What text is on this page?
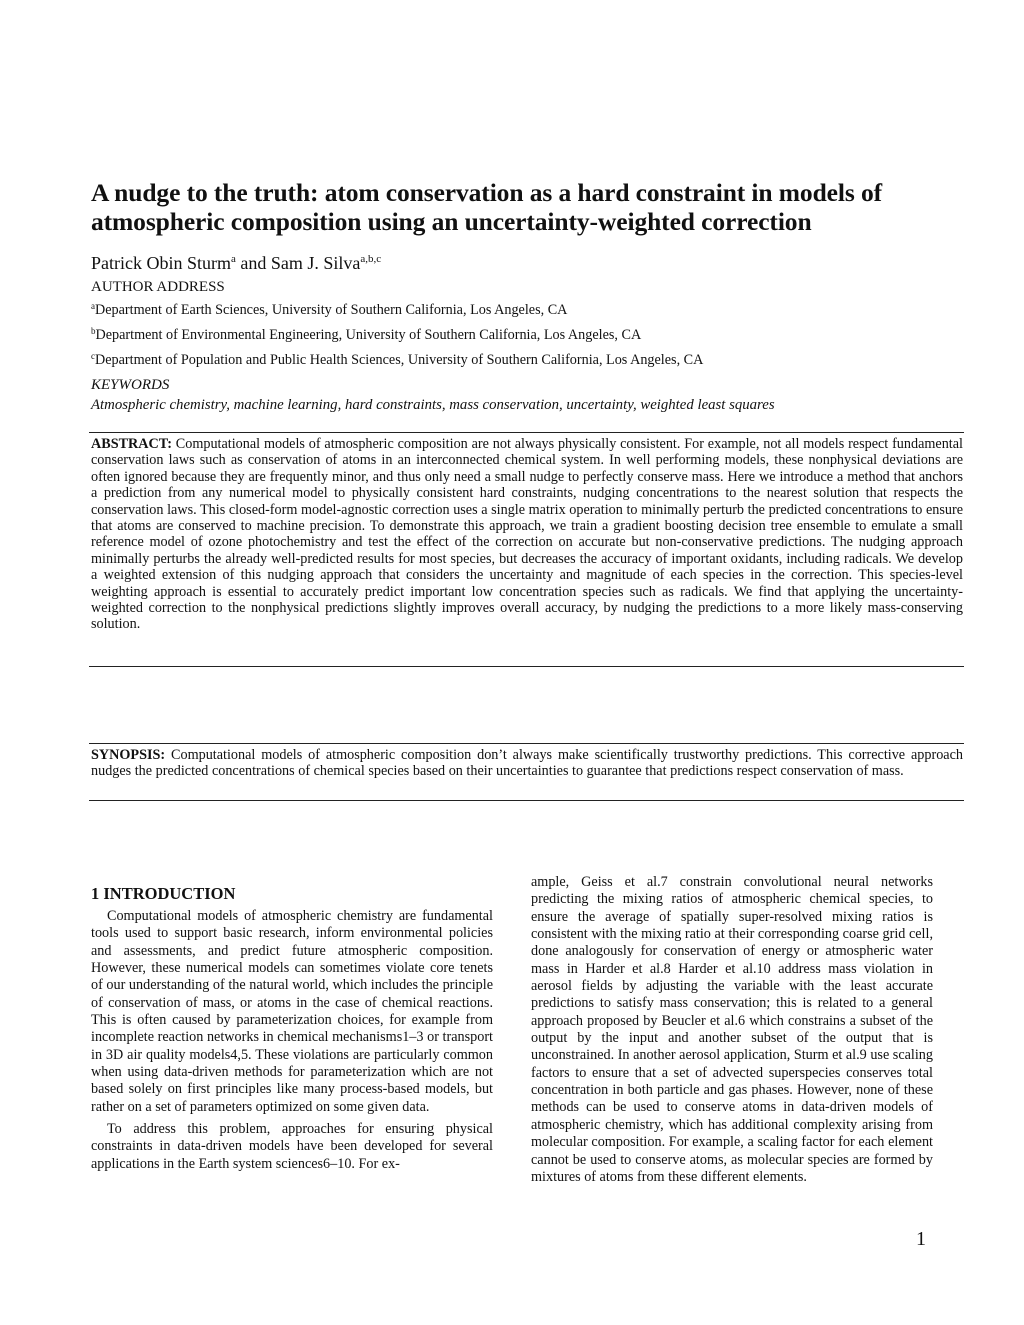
A nudge to the truth: atom conservation as a hard constraint in models of atmospheric composition using an uncertainty-weighted correction

Patrick Obin Sturm$^a$ and Sam J. Silva$^{a,b,c}$

AUTHOR ADDRESS

$^a$Department of Earth Sciences, University of Southern California, Los Angeles, CA

$^b$Department of Environmental Engineering, University of Southern California, Los Angeles, CA

$^c$Department of Population and Public Health Sciences, University of Southern California, Los Angeles, CA

KEYWORDS

Atmospheric chemistry, machine learning, hard constraints, mass conservation, uncertainty, weighted least squares

ABSTRACT: Computational models of atmospheric composition are not always physically consistent. For example, not all models respect fundamental conservation laws such as conservation of atoms in an interconnected chemical system. In well performing models, these nonphysical deviations are often ignored because they are frequently minor, and thus only need a small nudge to perfectly conserve mass. Here we introduce a method that anchors a prediction from any numerical model to physically consistent hard constraints, nudging concentrations to the nearest solution that respects the conservation laws. This closed-form model-agnostic correction uses a single matrix operation to minimally perturb the predicted concentrations to ensure that atoms are conserved to machine precision. To demonstrate this approach, we train a gradient boosting decision tree ensemble to emulate a small reference model of ozone photochemistry and test the effect of the correction on accurate but non-conservative predictions. The nudging approach minimally perturbs the already well-predicted results for most species, but decreases the accuracy of important oxidants, including radicals. We develop a weighted extension of this nudging approach that considers the uncertainty and magnitude of each species in the correction. This species-level weighting approach is essential to accurately predict important low concentration species such as radicals. We find that applying the uncertainty-weighted correction to the nonphysical predictions slightly improves overall accuracy, by nudging the predictions to a more likely mass-conserving solution.

SYNOPSIS: Computational models of atmospheric composition don’t always make scientifically trustworthy predictions. This corrective approach nudges the predicted concentrations of chemical species based on their uncertainties to guarantee that predictions respect conservation of mass.

1 INTRODUCTION

Computational models of atmospheric chemistry are fundamental tools used to support basic research, inform environmental policies and assessments, and predict future atmospheric composition. However, these numerical models can sometimes violate core tenets of our understanding of the natural world, which includes the principle of conservation of mass, or atoms in the case of chemical reactions. This is often caused by parameterization choices, for example from incomplete reaction networks in chemical mechanisms1–3 or transport in 3D air quality models4,5. These violations are particularly common when using data-driven methods for parameterization which are not based solely on first principles like many process-based models, but rather on a set of parameters optimized on some given data.

To address this problem, approaches for ensuring physical constraints in data-driven models have been developed for several applications in the Earth system sciences6–10. For ex-

ample, Geiss et al.7 constrain convolutional neural networks predicting the mixing ratios of atmospheric chemical species, to ensure the average of spatially super-resolved mixing ratios is consistent with the mixing ratio at their corresponding coarse grid cell, done analogously for conservation of energy or atmospheric water mass in Harder et al.8 Harder et al.10 address mass violation in aerosol fields by adjusting the variable with the least accurate predictions to satisfy mass conservation; this is related to a general approach proposed by Beucler et al.6 which constrains a subset of the output by the input and another subset of the output that is unconstrained. In another aerosol application, Sturm et al.9 use scaling factors to ensure that a set of advected superspecies conserves total concentration in both particle and gas phases. However, none of these methods can be used to conserve atoms in data-driven models of atmospheric chemistry, which has additional complexity arising from molecular composition. For example, a scaling factor for each element cannot be used to conserve atoms, as molecular species are formed by mixtures of atoms from these different elements.

1
